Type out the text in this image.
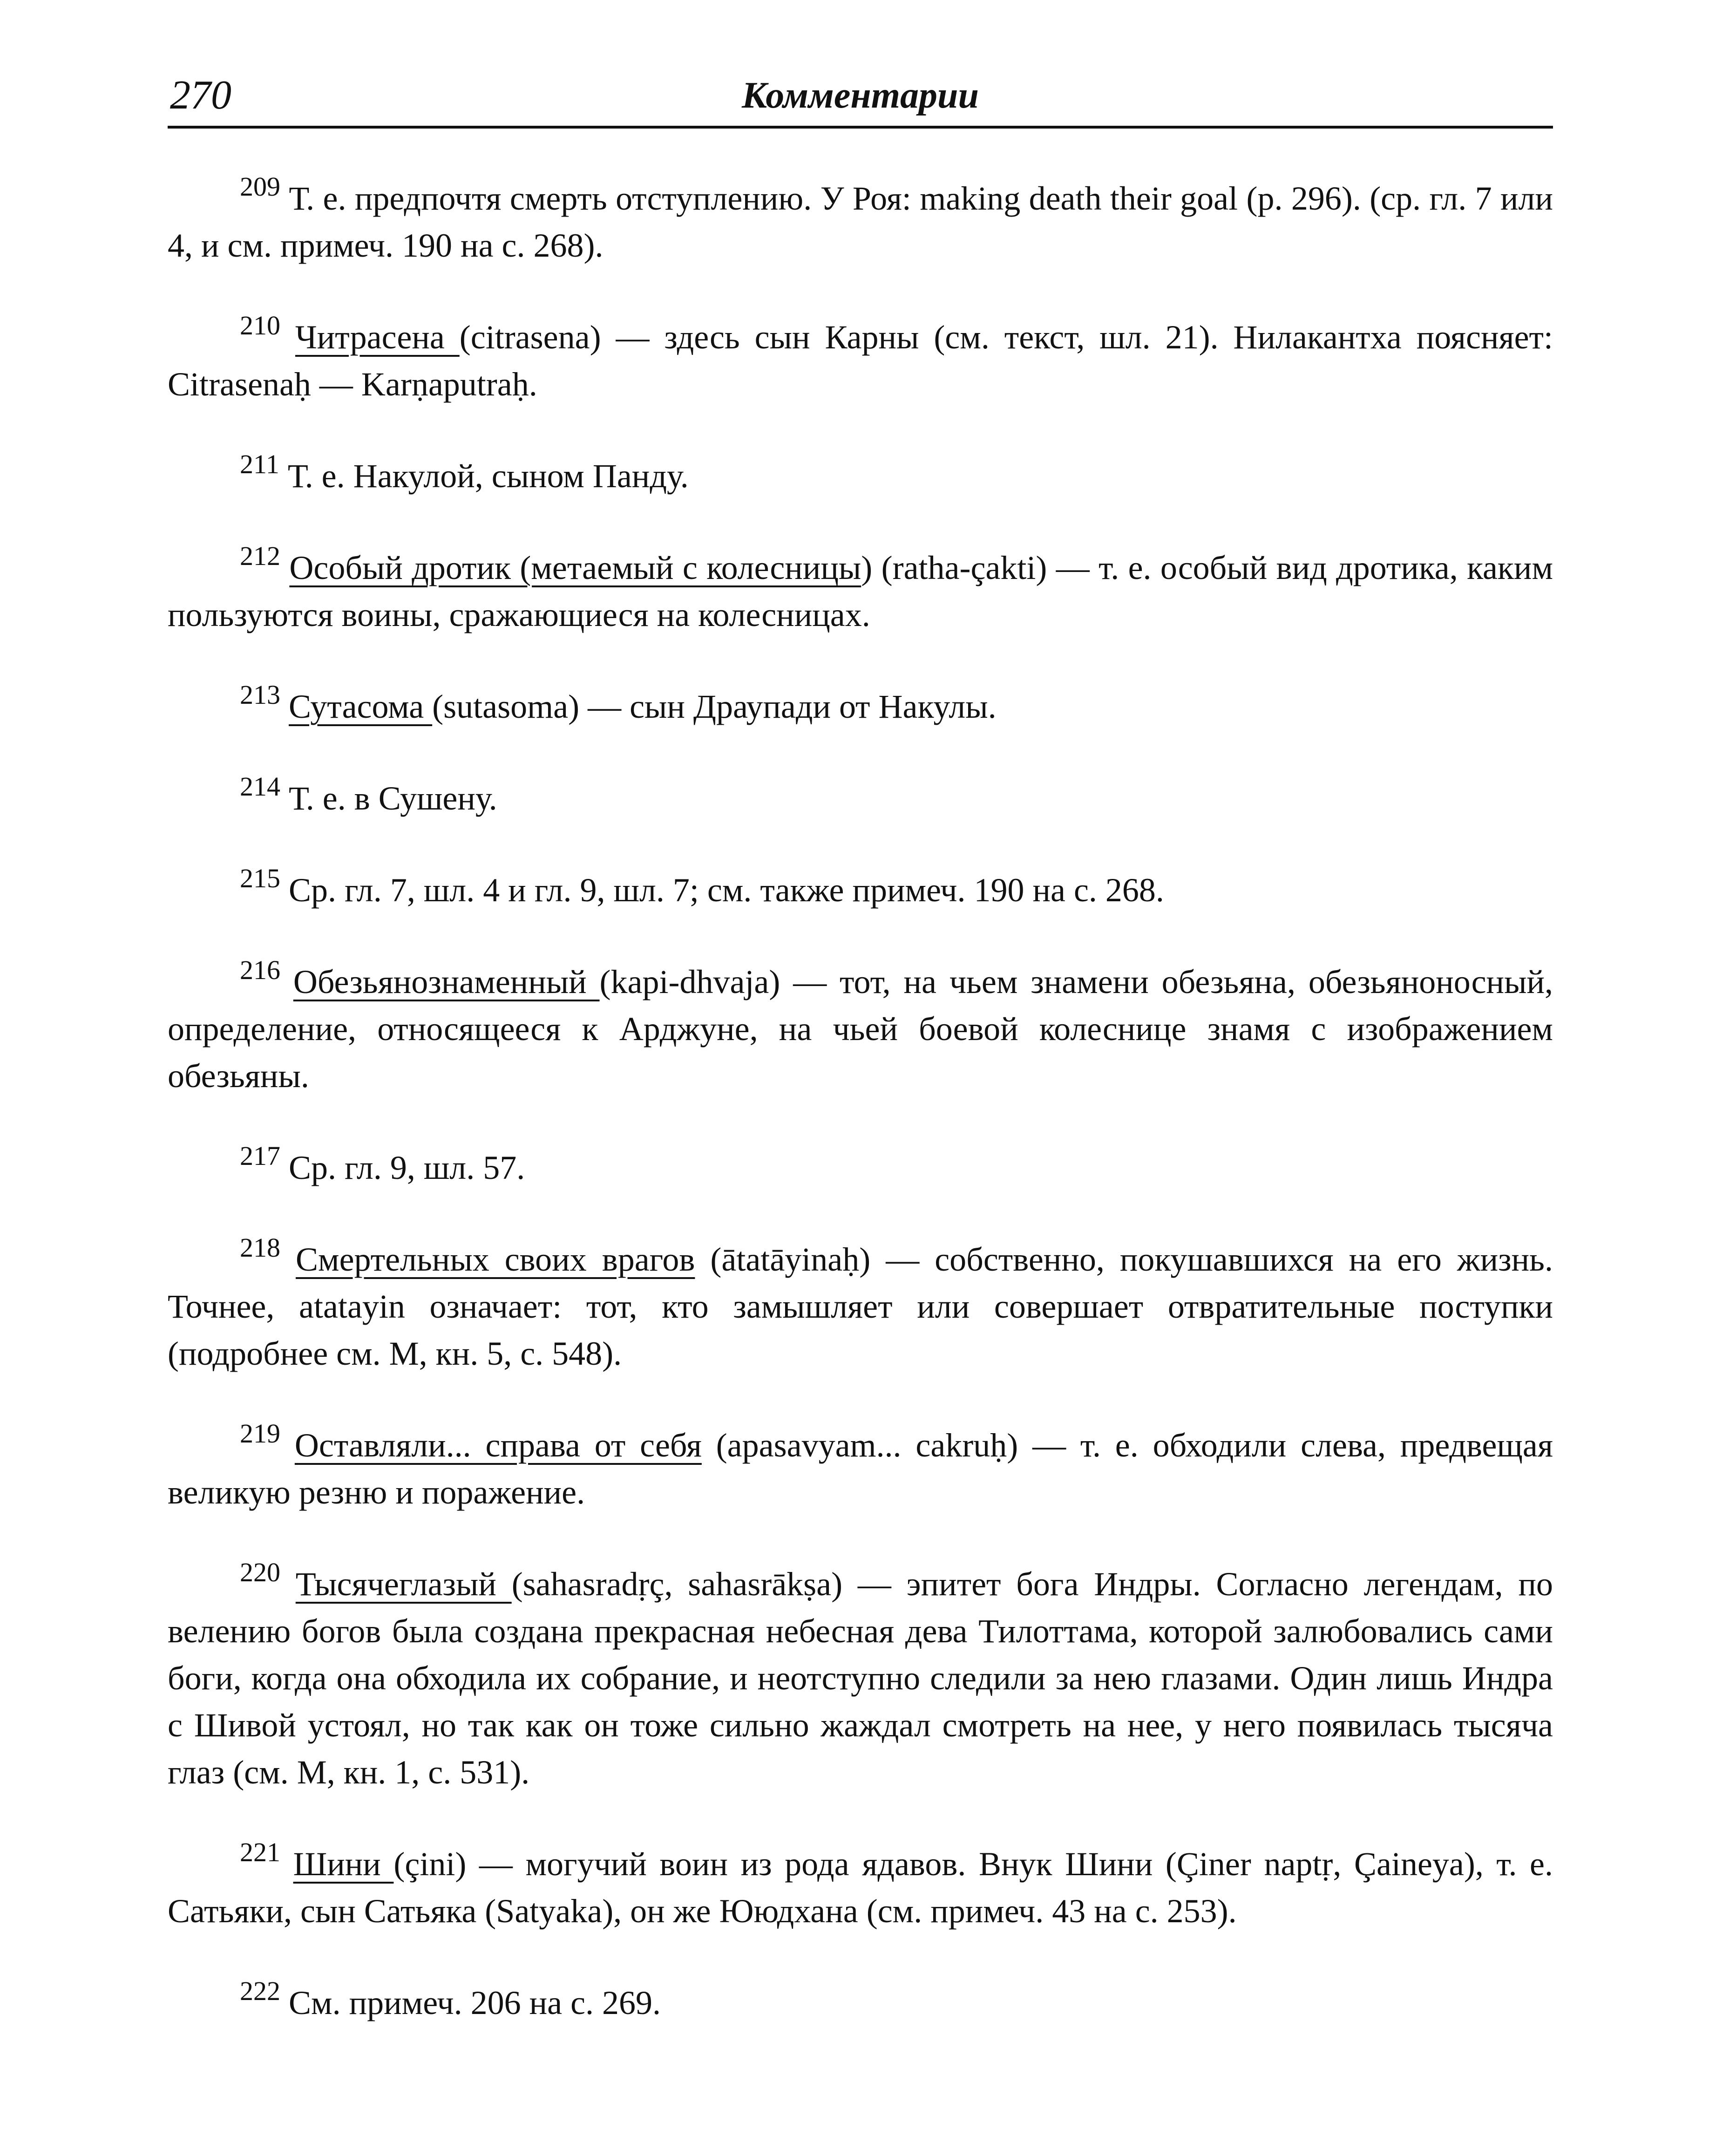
270	Комментарии

$^{209}$ Т. е. предпочтя смерть отступлению. У Роя: making death their goal (p. 296). (ср. гл. 7 или 4, и см. примеч. 190 на с. 268).

$^{210}$ Читрасена (citrasena) — здесь сын Карны (см. текст, шл. 21). Нилакантха поясняет: Citrasenaḥ — Karṇaputraḥ.

$^{211}$ Т. е. Накулой, сыном Панду.

$^{212}$ Особый дротик (метаемый с колесницы) (ratha-çakti) — т. е. особый вид дротика, каким пользуются воины, сражающиеся на колесницах.

$^{213}$ Сутасома (sutasoma) — сын Драупади от Накулы.

$^{214}$ Т. е. в Сушену.

$^{215}$ Ср. гл. 7, шл. 4 и гл. 9, шл. 7; см. также примеч. 190 на с. 268.

$^{216}$ Обезьянознаменный (kapi-dhvaja) — тот, на чьем знамени обезьяна, обезьяноносный, определение, относящееся к Арджуне, на чьей боевой колеснице знамя с изображением обезьяны.

$^{217}$ Ср. гл. 9, шл. 57.

$^{218}$ Смертельных своих врагов (ātatāyinaḥ) — собственно, покушавшихся на его жизнь. Точнее, atatayin означает: тот, кто замышляет или совершает отвратительные поступки (подробнее см. М, кн. 5, с. 548).

$^{219}$ Оставляли... справа от себя (apasavyam... cakruḥ) — т. е. обходили слева, предвещая великую резню и поражение.

$^{220}$ Тысячеглазый (sahasradṛç, sahasrākṣa) — эпитет бога Индры. Согласно легендам, по велению богов была создана прекрасная небесная дева Тилоттама, которой залюбовались сами боги, когда она обходила их собрание, и неотступно следили за нею глазами. Один лишь Индра с Шивой устоял, но так как он тоже сильно жаждал смотреть на нее, у него появилась тысяча глаз (см. М, кн. 1, с. 531).

$^{221}$ Шини (çini) — могучий воин из рода ядавов. Внук Шини (Çiner naptṛ, Çaineya), т. е. Сатьяки, сын Сатьяка (Satyaka), он же Ююдхана (см. примеч. 43 на с. 253).

$^{222}$ См. примеч. 206 на с. 269.
